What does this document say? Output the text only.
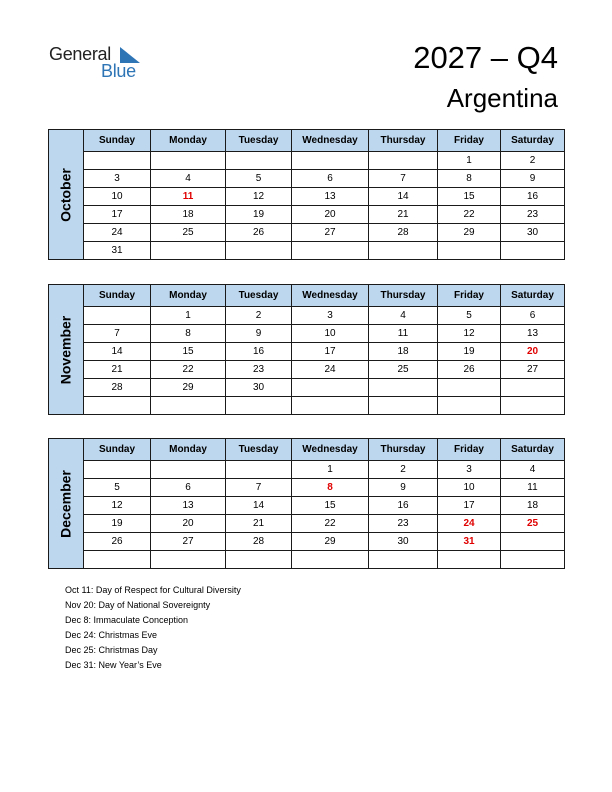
General
Blue	2027 – Q4
Argentina
October	Sunday	Monday	Tuesday	Wednesday	Thursday	Friday	Saturday
						1	2
	3	4	5	6	7	8	9
	10	11	12	13	14	15	16
	17	18	19	20	21	22	23
	24	25	26	27	28	29	30
	31						
November	Sunday	Monday	Tuesday	Wednesday	Thursday	Friday	Saturday
		1	2	3	4	5	6
	7	8	9	10	11	12	13
	14	15	16	17	18	19	20
	21	22	23	24	25	26	27
	28	29	30				

December	Sunday	Monday	Tuesday	Wednesday	Thursday	Friday	Saturday
				1	2	3	4
	5	6	7	8	9	10	11
	12	13	14	15	16	17	18
	19	20	21	22	23	24	25
	26	27	28	29	30	31	

Oct 11: Day of Respect for Cultural Diversity
Nov 20: Day of National Sovereignty
Dec 8: Immaculate Conception
Dec 24: Christmas Eve
Dec 25: Christmas Day
Dec 31: New Year’s Eve
